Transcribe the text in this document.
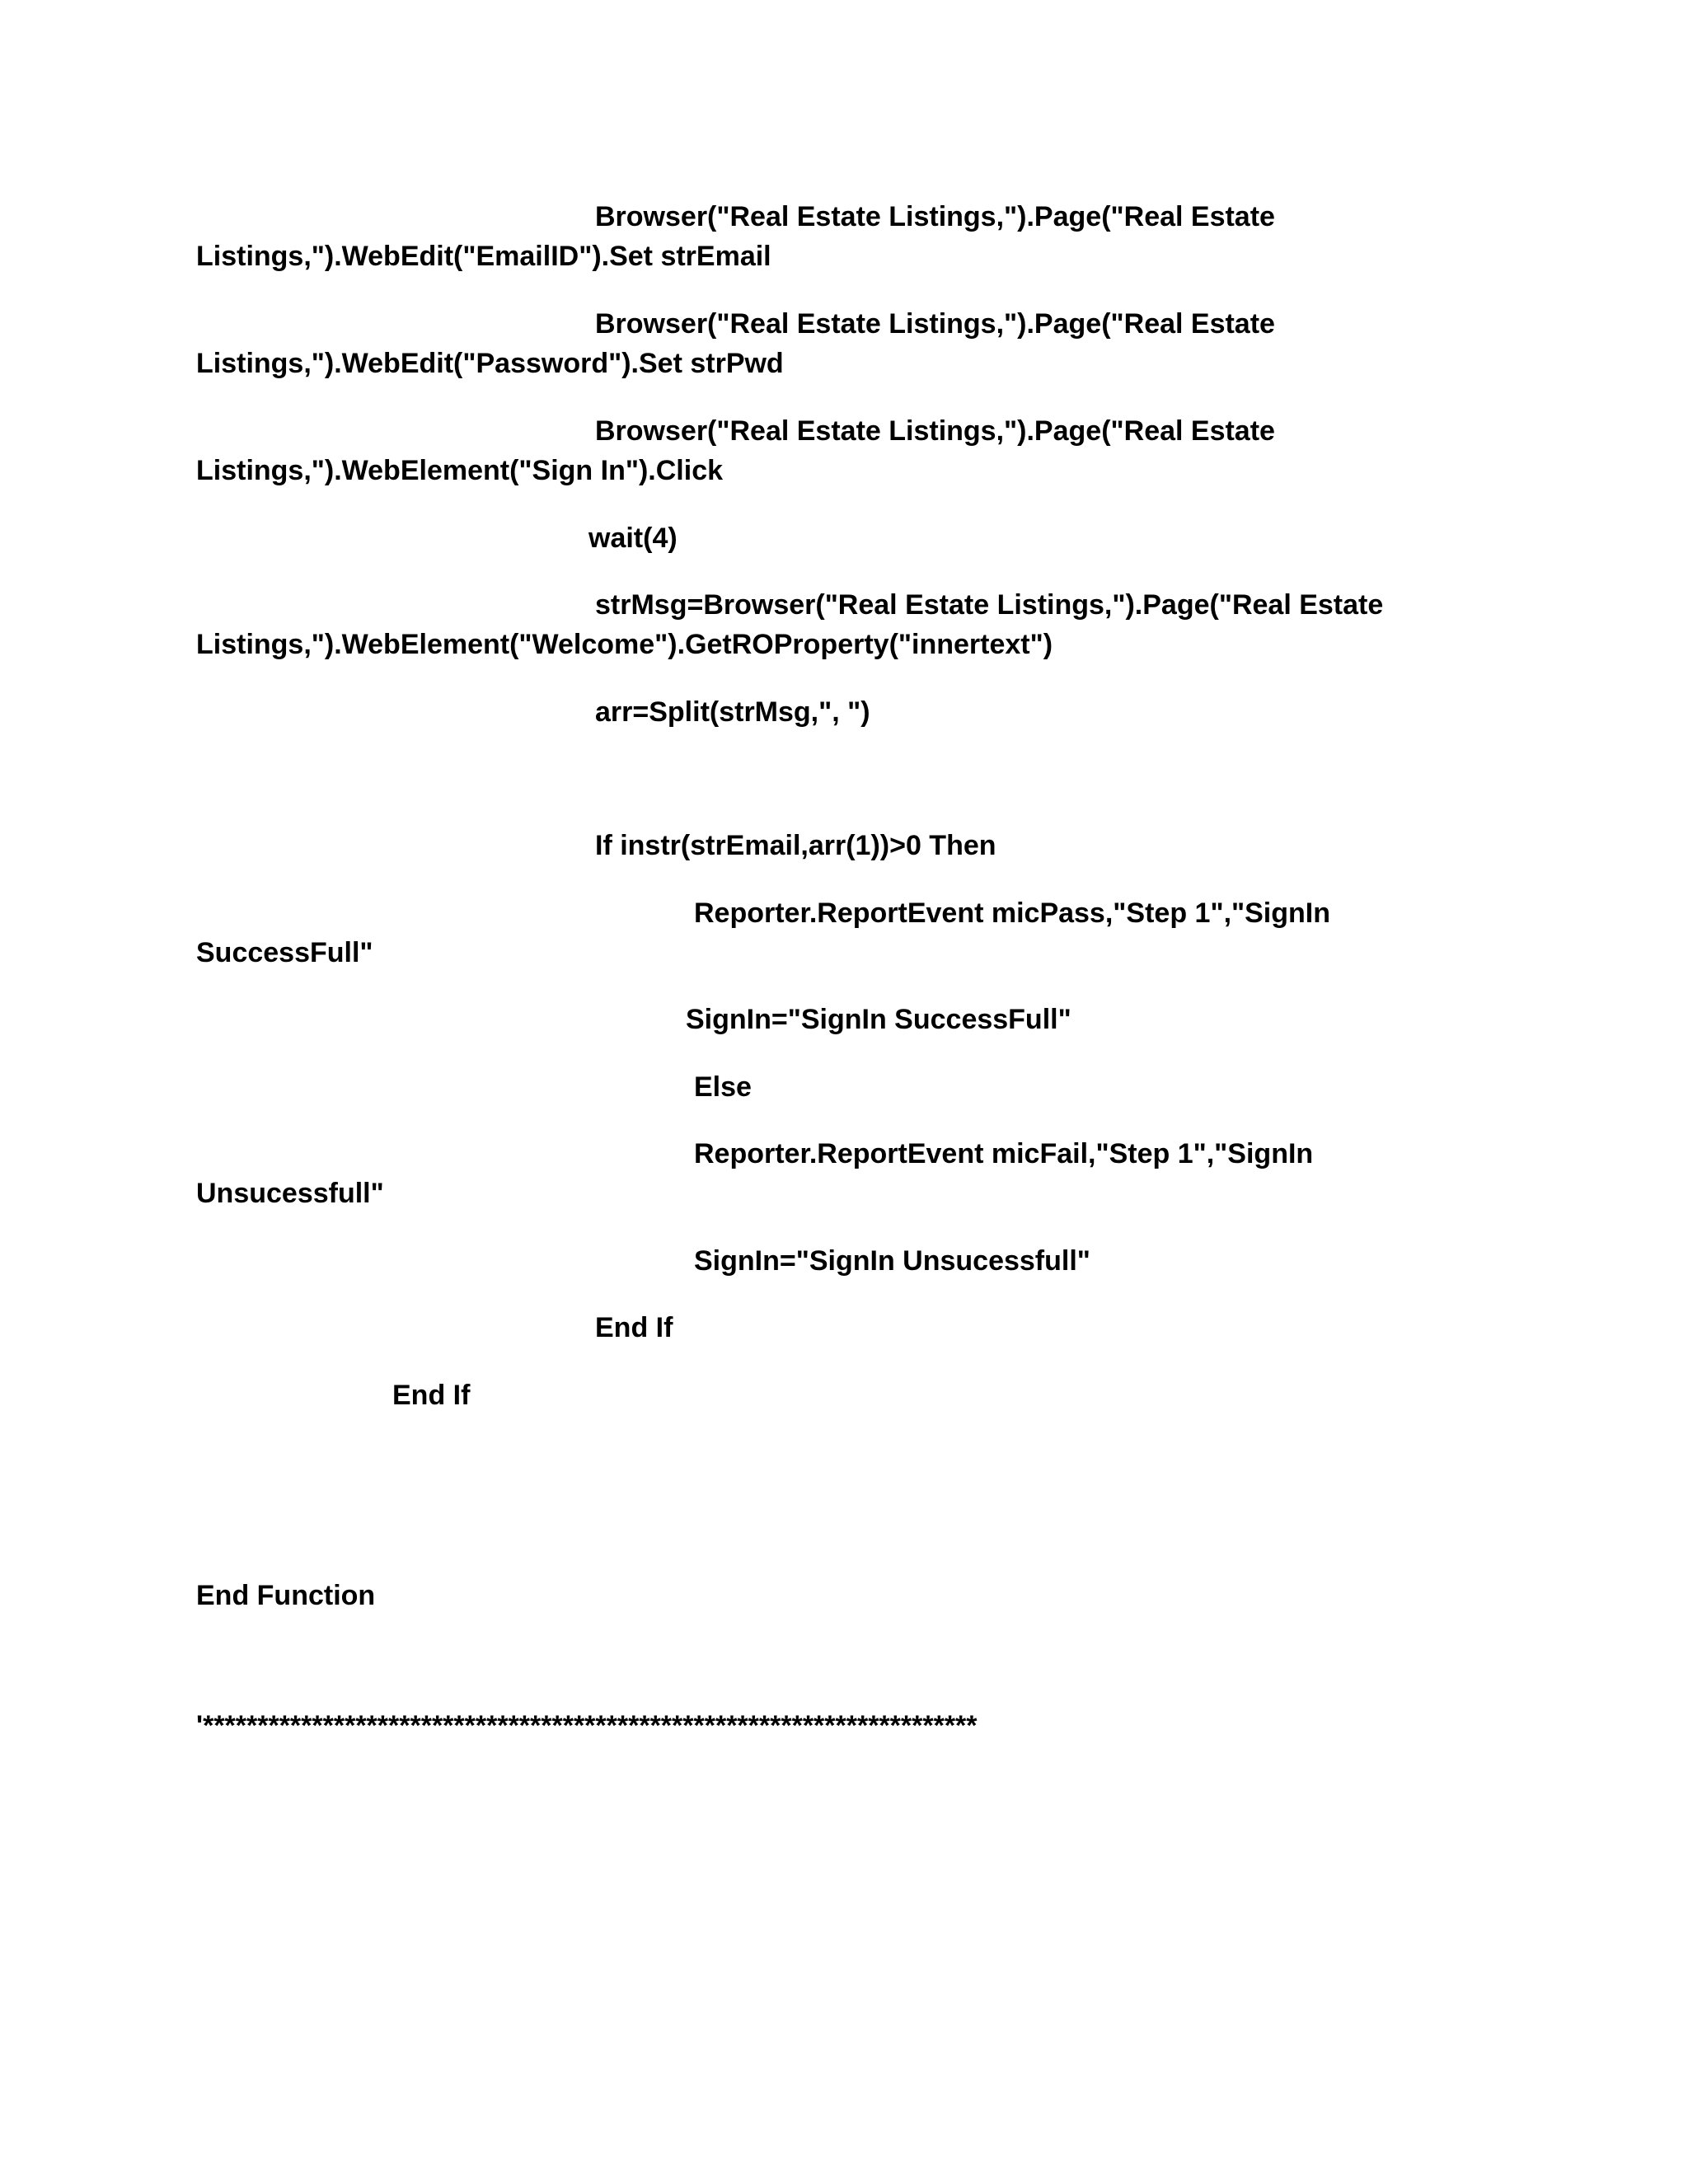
Browser("Real Estate Listings,").Page("Real Estate

Listings,").WebEdit("EmailID").Set strEmail

Browser("Real Estate Listings,").Page("Real Estate

Listings,").WebEdit("Password").Set strPwd

Browser("Real Estate Listings,").Page("Real Estate

Listings,").WebElement("Sign In").Click

wait(4)

strMsg=Browser("Real Estate Listings,").Page("Real Estate

Listings,").WebElement("Welcome").GetROProperty("innertext")

arr=Split(strMsg,", ")

If instr(strEmail,arr(1))>0 Then

Reporter.ReportEvent micPass,"Step 1","SignIn

SuccessFull"

SignIn="SignIn SuccessFull"

Else

Reporter.ReportEvent micFail,"Step 1","SignIn

Unsucessfull"

SignIn="SignIn Unsucessfull"

End If

End If

End Function

'***********************************************************************
